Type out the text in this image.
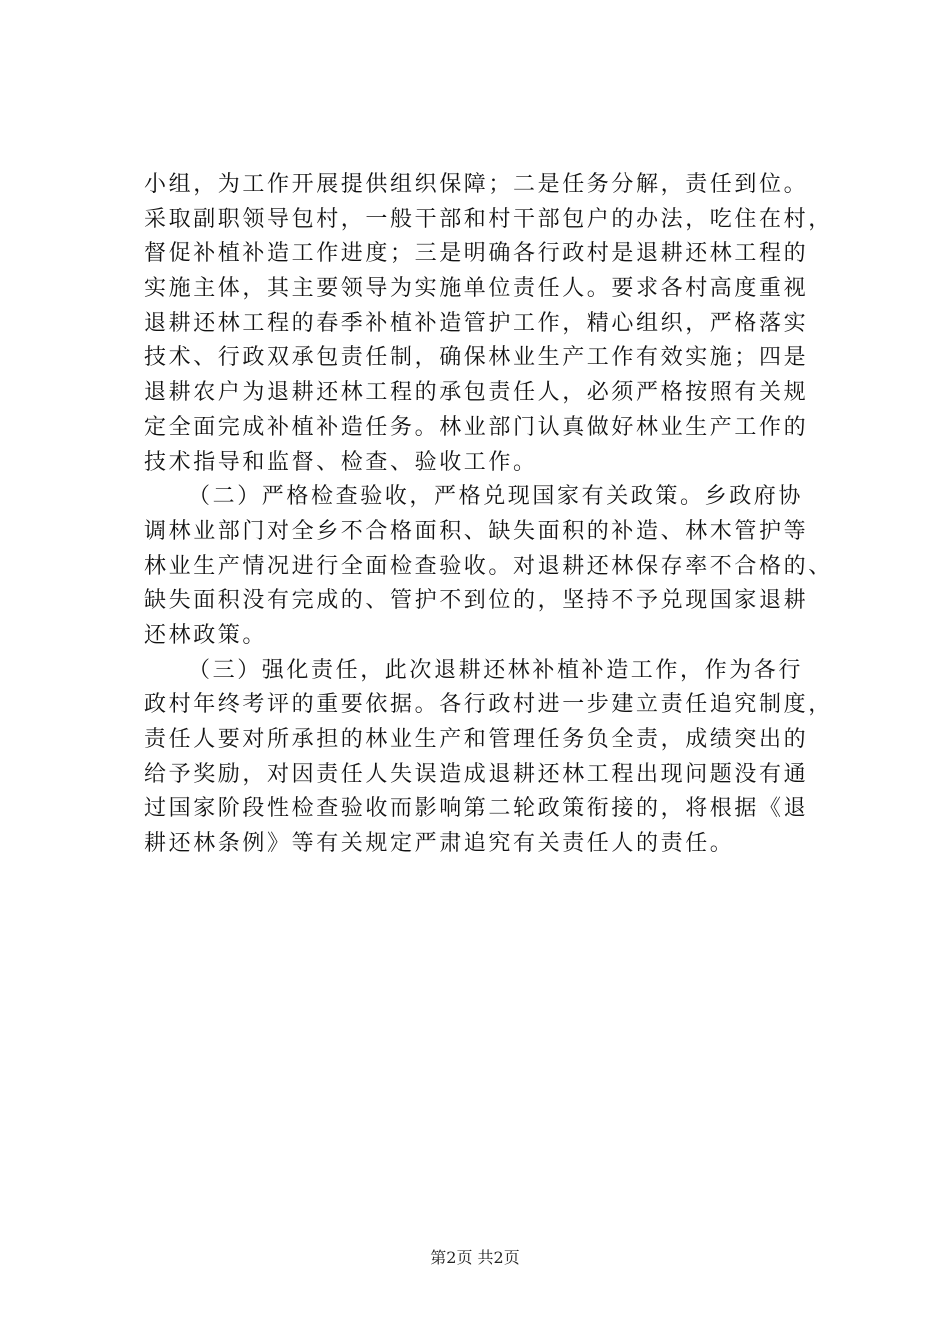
小组，为工作开展提供组织保障；二是任务分解，责任到位。
采取副职领导包村，一般干部和村干部包户的办法，吃住在村，
督促补植补造工作进度；三是明确各行政村是退耕还林工程的
实施主体，其主要领导为实施单位责任人。要求各村高度重视
退耕还林工程的春季补植补造管护工作，精心组织，严格落实
技术、行政双承包责任制，确保林业生产工作有效实施；四是
退耕农户为退耕还林工程的承包责任人，必须严格按照有关规
定全面完成补植补造任务。林业部门认真做好林业生产工作的
技术指导和监督、检查、验收工作。
（二）严格检查验收，严格兑现国家有关政策。乡政府协
调林业部门对全乡不合格面积、缺失面积的补造、林木管护等
林业生产情况进行全面检查验收。对退耕还林保存率不合格的、
缺失面积没有完成的、管护不到位的，坚持不予兑现国家退耕
还林政策。
（三）强化责任，此次退耕还林补植补造工作，作为各行
政村年终考评的重要依据。各行政村进一步建立责任追究制度，
责任人要对所承担的林业生产和管理任务负全责，成绩突出的
给予奖励，对因责任人失误造成退耕还林工程出现问题没有通
过国家阶段性检查验收而影响第二轮政策衔接的，将根据《退
耕还林条例》等有关规定严肃追究有关责任人的责任。
第2页 共2页
